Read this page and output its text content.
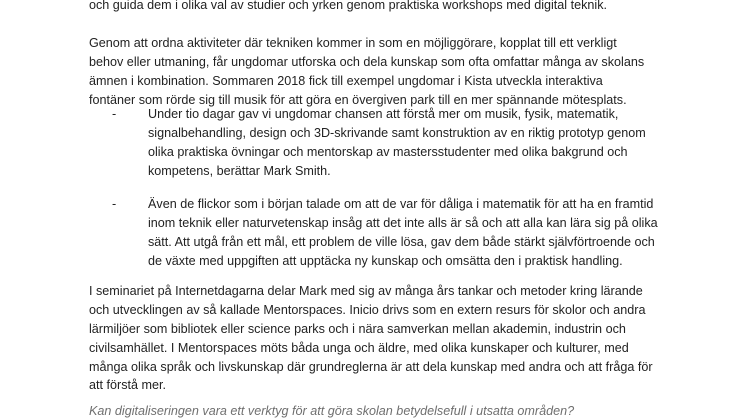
och guida dem i olika val av studier och yrken genom praktiska workshops med digital teknik.
Genom att ordna aktiviteter där tekniken kommer in som en möjliggörare, kopplat till ett verkligt
behov eller utmaning, får ungdomar utforska och dela kunskap som ofta omfattar många av skolans
ämnen i kombination. Sommaren 2018 fick till exempel ungdomar i Kista utveckla interaktiva
fontäner som rörde sig till musik för att göra en övergiven park till en mer spännande mötesplats.
-	Under tio dagar gav vi ungdomar chansen att förstå mer om musik, fysik, matematik,
signalbehandling, design och 3D-skrivande samt konstruktion av en riktig prototyp genom
olika praktiska övningar och mentorskap av mastersstudenter med olika bakgrund och
kompetens, berättar Mark Smith.
-	Även de flickor som i början talade om att de var för dåliga i matematik för att ha en framtid
inom teknik eller naturvetenskap insåg att det inte alls är så och att alla kan lära sig på olika
sätt. Att utgå från ett mål, ett problem de ville lösa, gav dem både stärkt självförtroende och
de växte med uppgiften att upptäcka ny kunskap och omsätta den i praktisk handling.
I seminariet på Internetdagarna delar Mark med sig av många års tankar och metoder kring lärande
och utvecklingen av så kallade Mentorspaces. Inicio drivs som en extern resurs för skolor och andra
lärmiljöer som bibliotek eller science parks och i nära samverkan mellan akademin, industrin och
civilsamhället. I Mentorspaces möts båda unga och äldre, med olika kunskaper och kulturer, med
många olika språk och livskunskap där grundreglerna är att dela kunskap med andra och att fråga för
att förstå mer.
Kan digitaliseringen vara ett verktyg för att göra skolan betydelsefull i utsatta områden?
